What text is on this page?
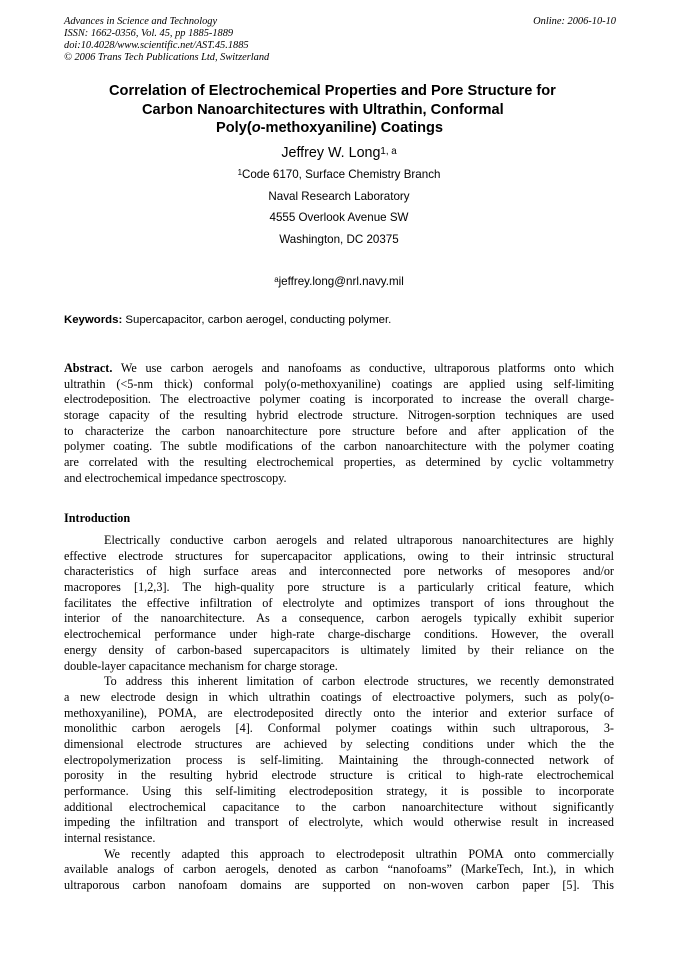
Advances in Science and Technology
ISSN: 1662-0356, Vol. 45, pp 1885-1889
doi:10.4028/www.scientific.net/AST.45.1885
© 2006 Trans Tech Publications Ltd, Switzerland
Online: 2006-10-10
Correlation of Electrochemical Properties and Pore Structure for
Carbon Nanoarchitectures with Ultrathin, Conformal
Poly(o-methoxyaniline) Coatings
Jeffrey W. Long$^{1, a}$
$^1$Code 6170, Surface Chemistry Branch
Naval Research Laboratory
4555 Overlook Avenue SW
Washington, DC 20375
$^a$jeffrey.long@nrl.navy.mil
Keywords: Supercapacitor, carbon aerogel, conducting polymer.
Abstract. We use carbon aerogels and nanofoams as conductive, ultraporous platforms onto which
ultrathin (<5-nm thick) conformal poly(o-methoxyaniline) coatings are applied using self-limiting
electrodeposition. The electroactive polymer coating is incorporated to increase the overall charge-
storage capacity of the resulting hybrid electrode structure. Nitrogen-sorption techniques are used
to characterize the carbon nanoarchitecture pore structure before and after application of the
polymer coating. The subtle modifications of the carbon nanoarchitecture with the polymer coating
are correlated with the resulting electrochemical properties, as determined by cyclic voltammetry
and electrochemical impedance spectroscopy.
Introduction
Electrically conductive carbon aerogels and related ultraporous nanoarchitectures are highly
effective electrode structures for supercapacitor applications, owing to their intrinsic structural
characteristics of high surface areas and interconnected pore networks of mesopores and/or
macropores [1,2,3]. The high-quality pore structure is a particularly critical feature, which
facilitates the effective infiltration of electrolyte and optimizes transport of ions throughout the
interior of the nanoarchitecture. As a consequence, carbon aerogels typically exhibit superior
electrochemical performance under high-rate charge-discharge conditions. However, the overall
energy density of carbon-based supercapacitors is ultimately limited by their reliance on the
double-layer capacitance mechanism for charge storage.
To address this inherent limitation of carbon electrode structures, we recently demonstrated
a new electrode design in which ultrathin coatings of electroactive polymers, such as poly(o-
methoxyaniline), POMA, are electrodeposited directly onto the interior and exterior surface of
monolithic carbon aerogels [4]. Conformal polymer coatings within such ultraporous, 3-
dimensional electrode structures are achieved by selecting conditions under which the the
electropolymerization process is self-limiting. Maintaining the through-connected network of
porosity in the resulting hybrid electrode structure is critical to high-rate electrochemical
performance. Using this self-limiting electrodeposition strategy, it is possible to incorporate
additional electrochemical capacitance to the carbon nanoarchitecture without significantly
impeding the infiltration and transport of electrolyte, which would otherwise result in increased
internal resistance.
We recently adapted this approach to electrodeposit ultrathin POMA onto commercially
available analogs of carbon aerogels, denoted as carbon “nanofoams” (MarkeTech, Int.), in which
ultraporous carbon nanofoam domains are supported on non-woven carbon paper [5]. This
